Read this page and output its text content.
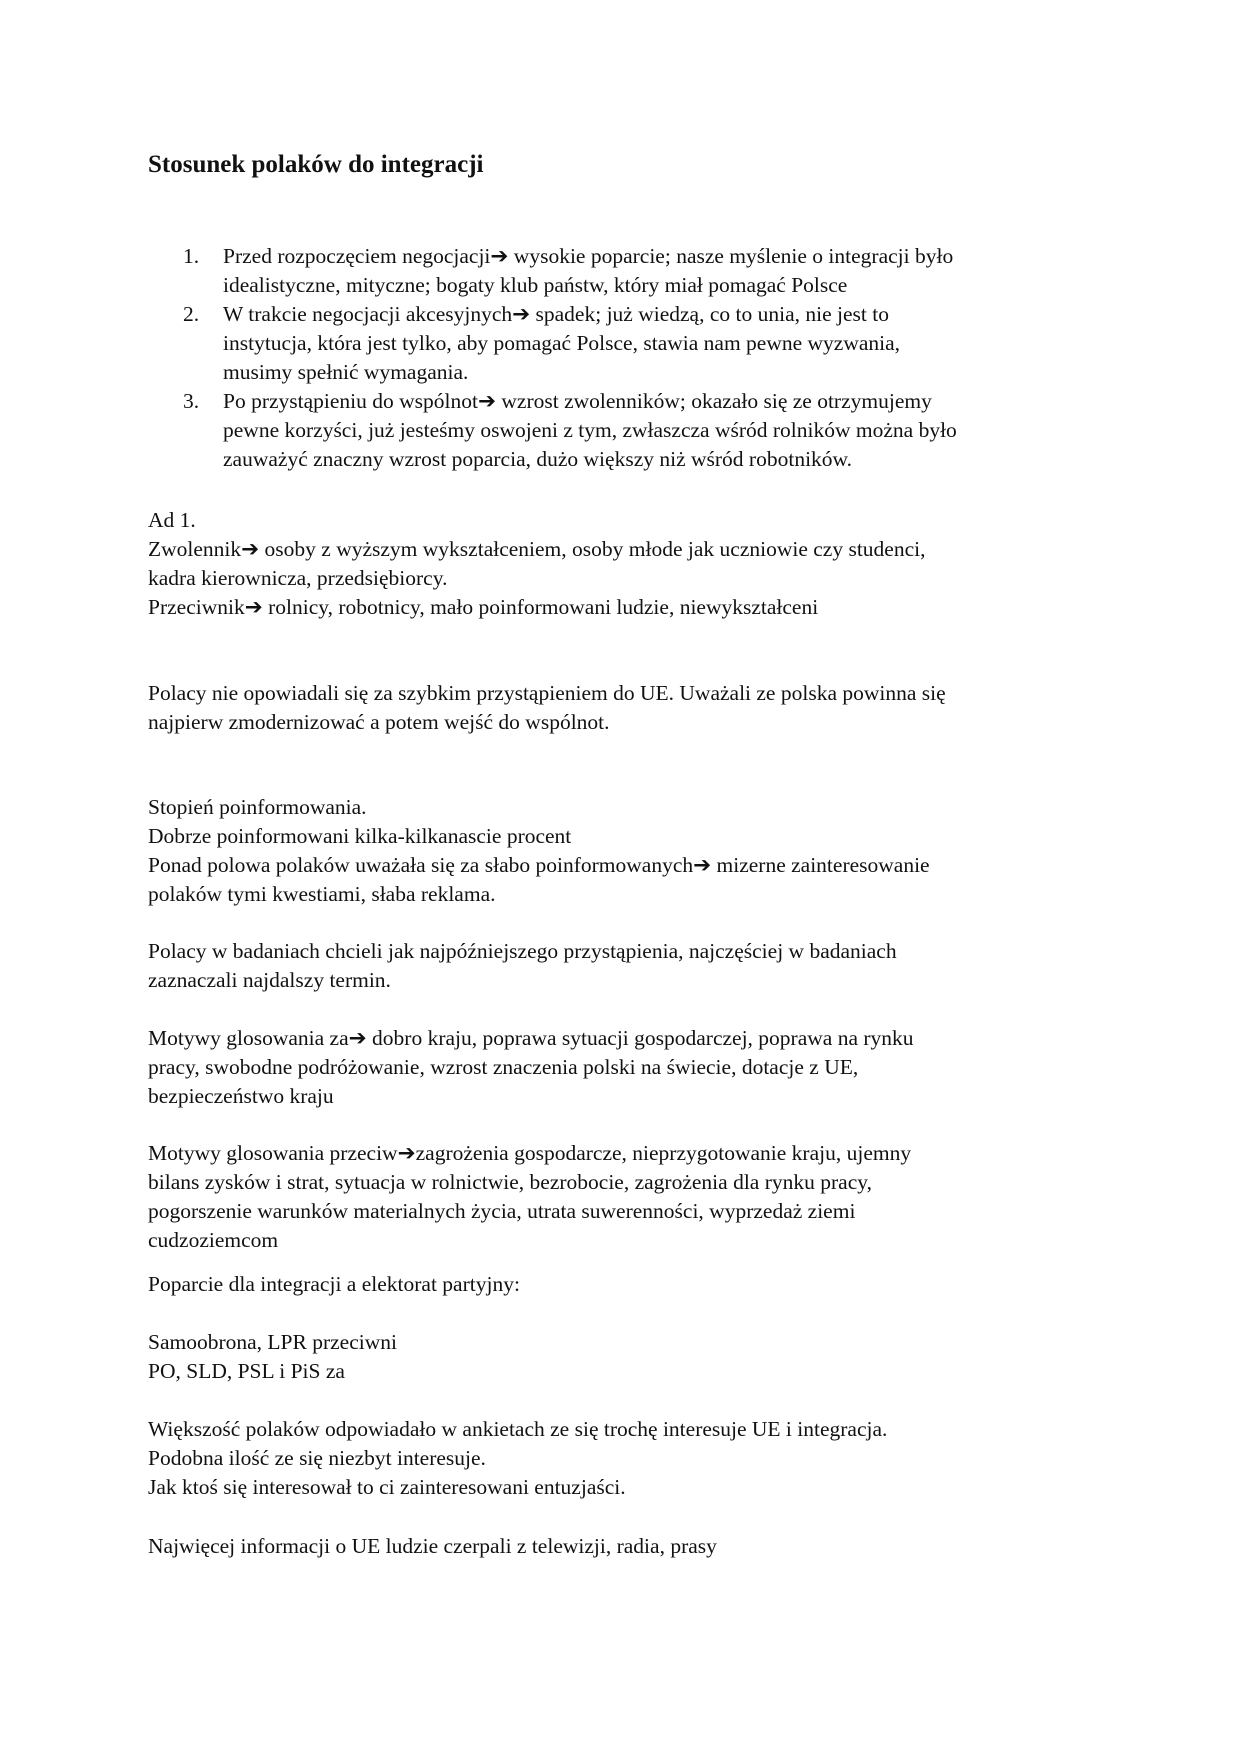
Stosunek polaków do integracji
1. Przed rozpoczęciem negocjacji➔ wysokie poparcie; nasze myślenie o integracji było
idealistyczne, mityczne; bogaty klub państw, który miał pomagać Polsce
2. W trakcie negocjacji akcesyjnych➔ spadek; już wiedzą, co to unia, nie jest to
instytucja, która jest tylko, aby pomagać Polsce, stawia nam pewne wyzwania,
musimy spełnić wymagania.
3. Po przystąpieniu do wspólnot➔ wzrost zwolenników; okazało się ze otrzymujemy
pewne korzyści, już jesteśmy oswojeni z tym, zwłaszcza wśród rolników można było
zauważyć znaczny wzrost poparcia, dużo większy niż wśród robotników.
Ad 1.
Zwolennik➔ osoby z wyższym wykształceniem, osoby młode jak uczniowie czy studenci,
kadra kierownicza, przedsiębiorcy.
Przeciwnik➔ rolnicy, robotnicy, mało poinformowani ludzie, niewykształceni
Polacy nie opowiadali się za szybkim przystąpieniem do UE. Uważali ze polska powinna się
najpierw zmodernizować a potem wejść do wspólnot.
Stopień poinformowania.
Dobrze poinformowani kilka-kilkanascie procent
Ponad polowa polaków uważała się za słabo poinformowanych➔ mizerne zainteresowanie
polaków tymi kwestiami, słaba reklama.
Polacy w badaniach chcieli jak najpóźniejszego przystąpienia, najczęściej w badaniach
zaznaczali najdalszy termin.
Motywy glosowania za➔ dobro kraju, poprawa sytuacji gospodarczej, poprawa na rynku
pracy, swobodne podróżowanie, wzrost znaczenia polski na świecie, dotacje z UE,
bezpieczeństwo kraju
Motywy glosowania przeciw➔zagrożenia gospodarcze, nieprzygotowanie kraju, ujemny
bilans zysków i strat, sytuacja w rolnictwie, bezrobocie, zagrożenia dla rynku pracy,
pogorszenie warunków materialnych życia, utrata suwerenności, wyprzedaż ziemi
cudzoziemcom
Poparcie dla integracji a elektorat partyjny:
Samoobrona, LPR przeciwni
PO, SLD, PSL i PiS za
Większość polaków odpowiadało w ankietach ze się trochę interesuje UE i integracja.
Podobna ilość ze się niezbyt interesuje.
Jak ktoś się interesował to ci zainteresowani entuzjaści.
Najwięcej informacji o UE ludzie czerpali z telewizji, radia, prasy
